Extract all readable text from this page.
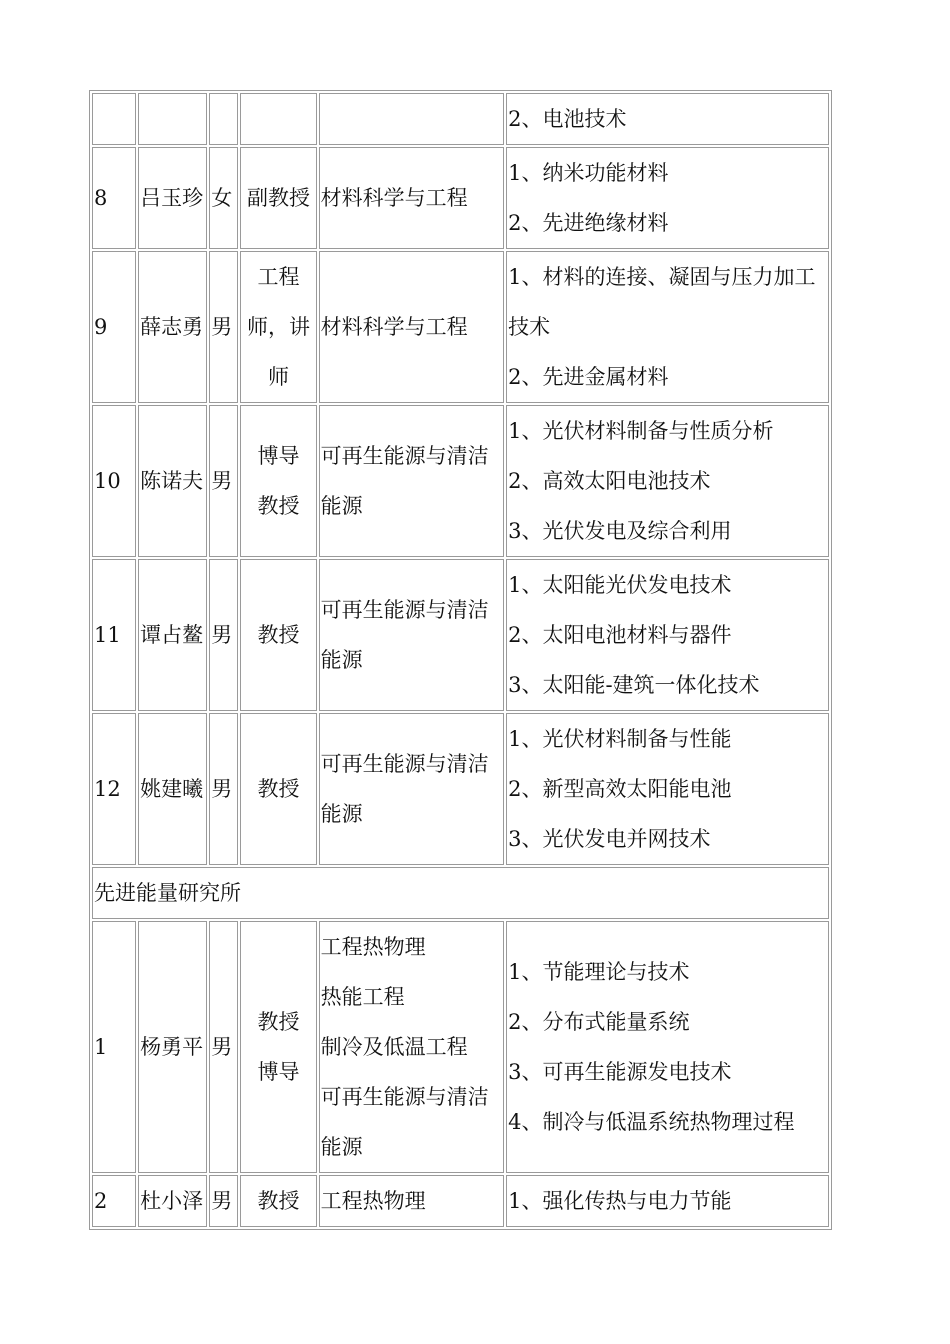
					2、电池技术

8	吕玉珍	女	副教授	材料科学与工程	1、纳米功能材料
2、先进绝缘材料

9	薛志勇	男	工程
师，讲
师	材料科学与工程	1、材料的连接、凝固与压力加工
技术
2、先进金属材料

10	陈诺夫	男	博导
教授	可再生能源与清洁
能源	1、光伏材料制备与性质分析
2、高效太阳电池技术
3、光伏发电及综合利用

11	谭占鳌	男	教授	可再生能源与清洁
能源	1、太阳能光伏发电技术
2、太阳电池材料与器件
3、太阳能-建筑一体化技术

12	姚建曦	男	教授	可再生能源与清洁
能源	1、光伏材料制备与性能
2、新型高效太阳能电池
3、光伏发电并网技术

先进能量研究所					
1	杨勇平	男	教授
博导	工程热物理
热能工程
制冷及低温工程
可再生能源与清洁
能源	1、节能理论与技术
2、分布式能量系统
3、可再生能源发电技术
4、制冷与低温系统热物理过程

2	杜小泽	男	教授	工程热物理	1、强化传热与电力节能
